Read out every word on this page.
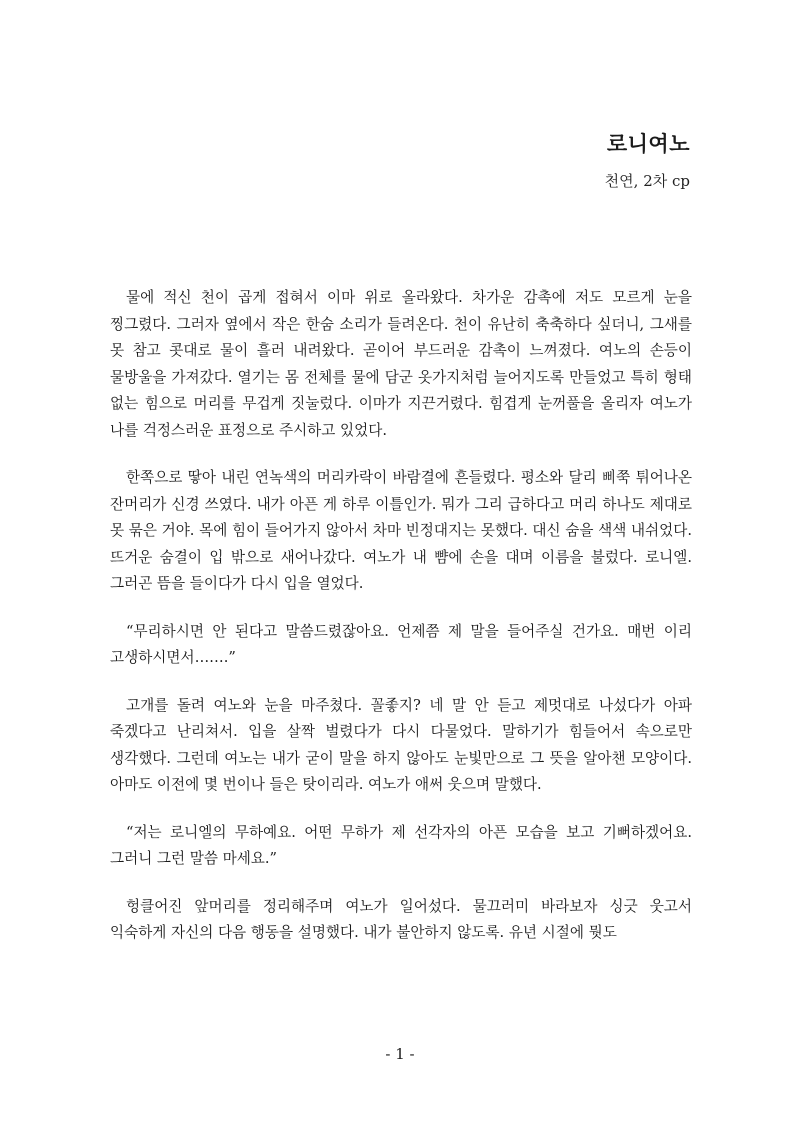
로니여노
천연, 2차 cp

물에 적신 천이 곱게 접혀서 이마 위로 올라왔다. 차가운 감촉에 저도 모르게 눈을 찡그렸다. 그러자 옆에서 작은 한숨 소리가 들려온다. 천이 유난히 축축하다 싶더니, 그새를 못 참고 콧대로 물이 흘러 내려왔다. 곧이어 부드러운 감촉이 느껴졌다. 여노의 손등이 물방울을 가져갔다. 열기는 몸 전체를 물에 담군 옷가지처럼 늘어지도록 만들었고 특히 형태 없는 힘으로 머리를 무겁게 짓눌렀다. 이마가 지끈거렸다. 힘겹게 눈꺼풀을 올리자 여노가 나를 걱정스러운 표정으로 주시하고 있었다.

한쪽으로 땋아 내린 연녹색의 머리카락이 바람결에 흔들렸다. 평소와 달리 삐쭉 튀어나온 잔머리가 신경 쓰였다. 내가 아픈 게 하루 이틀인가. 뭐가 그리 급하다고 머리 하나도 제대로 못 묶은 거야. 목에 힘이 들어가지 않아서 차마 빈정대지는 못했다. 대신 숨을 색색 내쉬었다. 뜨거운 숨결이 입 밖으로 새어나갔다. 여노가 내 뺨에 손을 대며 이름을 불렀다. 로니엘. 그러곤 뜸을 들이다가 다시 입을 열었다.

“무리하시면 안 된다고 말씀드렸잖아요. 언제쯤 제 말을 들어주실 건가요. 매번 이리 고생하시면서…….”

고개를 돌려 여노와 눈을 마주쳤다. 꼴좋지? 네 말 안 듣고 제멋대로 나섰다가 아파 죽겠다고 난리쳐서. 입을 살짝 벌렸다가 다시 다물었다. 말하기가 힘들어서 속으로만 생각했다. 그런데 여노는 내가 굳이 말을 하지 않아도 눈빛만으로 그 뜻을 알아챈 모양이다. 아마도 이전에 몇 번이나 들은 탓이리라. 여노가 애써 웃으며 말했다.

“저는 로니엘의 무하예요. 어떤 무하가 제 선각자의 아픈 모습을 보고 기뻐하겠어요. 그러니 그런 말씀 마세요.”

헝클어진 앞머리를 정리해주며 여노가 일어섰다. 물끄러미 바라보자 싱긋 웃고서 익숙하게 자신의 다음 행동을 설명했다. 내가 불안하지 않도록. 유년 시절에 뭣도

- 1 -
